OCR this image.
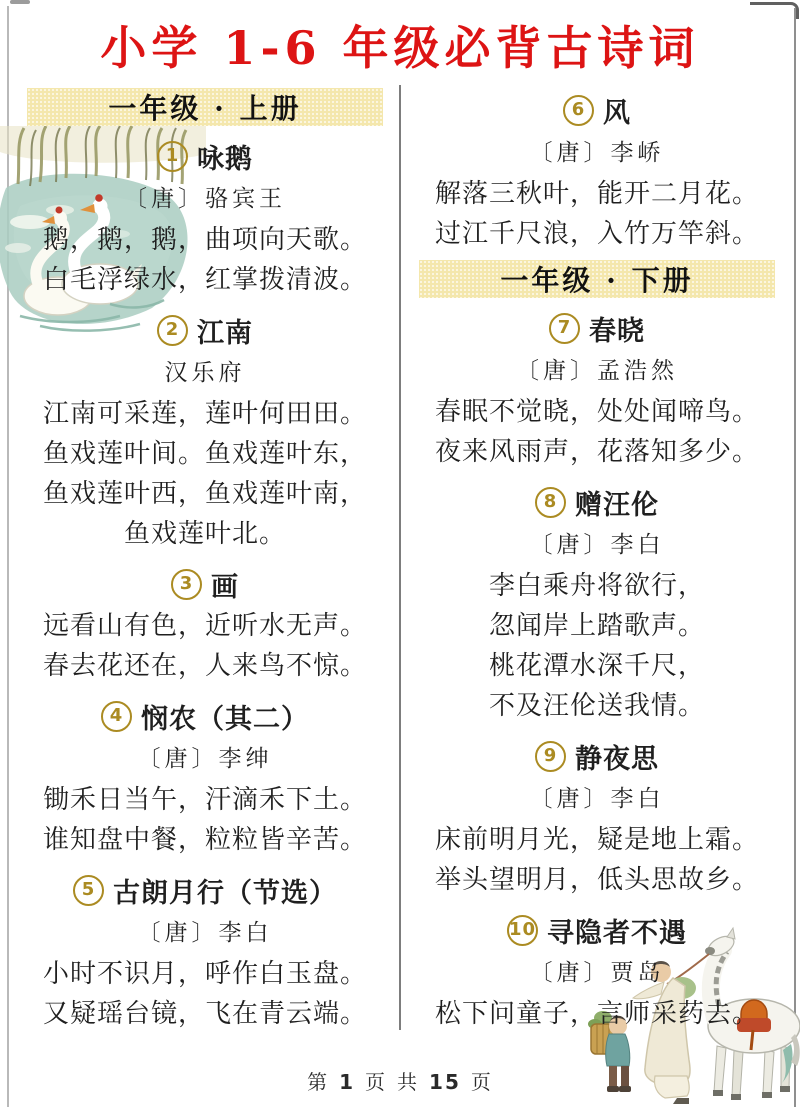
小学 1-6 年级必背古诗词
一年级 · 上册
1 咏鹅
〔唐〕骆宾王
鹅，鹅，鹅，曲项向天歌。
白毛浮绿水，红掌拨清波。
2 江南
汉乐府
江南可采莲，莲叶何田田。
鱼戏莲叶间。鱼戏莲叶东，
鱼戏莲叶西，鱼戏莲叶南，
鱼戏莲叶北。
3 画
远看山有色，近听水无声。
春去花还在，人来鸟不惊。
4 悯农（其二）
〔唐〕李绅
锄禾日当午，汗滴禾下土。
谁知盘中餐，粒粒皆辛苦。
5 古朗月行（节选）
〔唐〕李白
小时不识月，呼作白玉盘。
又疑瑶台镜，飞在青云端。
6 风
〔唐〕李峤
解落三秋叶，能开二月花。
过江千尺浪，入竹万竿斜。
一年级 · 下册
7 春晓
〔唐〕孟浩然
春眠不觉晓，处处闻啼鸟。
夜来风雨声，花落知多少。
8 赠汪伦
〔唐〕李白
李白乘舟将欲行，
忽闻岸上踏歌声。
桃花潭水深千尺，
不及汪伦送我情。
9 静夜思
〔唐〕李白
床前明月光，疑是地上霜。
举头望明月，低头思故乡。
10 寻隐者不遇
〔唐〕贾岛
松下问童子，言师采药去。
第 1 页 共 15 页
